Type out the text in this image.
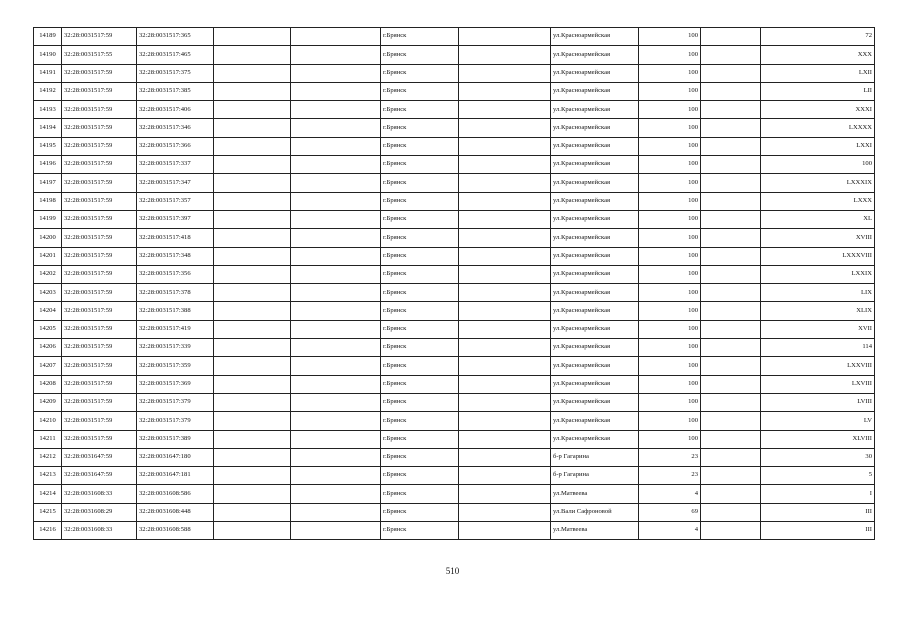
14189	32:28:0031517:59	32:28:0031517:365			г.Брянск		ул.Красноармейская	100		72
14190	32:28:0031517:55	32:28:0031517:465			г.Брянск		ул.Красноармейская	100		XXX
14191	32:28:0031517:59	32:28:0031517:375			г.Брянск		ул.Красноармейская	100		LXII
14192	32:28:0031517:59	32:28:0031517:385			г.Брянск		ул.Красноармейская	100		LII
14193	32:28:0031517:59	32:28:0031517:406			г.Брянск		ул.Красноармейская	100		XXXI
14194	32:28:0031517:59	32:28:0031517:346			г.Брянск		ул.Красноармейская	100		LXXXX
14195	32:28:0031517:59	32:28:0031517:366			г.Брянск		ул.Красноармейская	100		LXXI
14196	32:28:0031517:59	32:28:0031517:337			г.Брянск		ул.Красноармейская	100		100
14197	32:28:0031517:59	32:28:0031517:347			г.Брянск		ул.Красноармейская	100		LXXXIX
14198	32:28:0031517:59	32:28:0031517:357			г.Брянск		ул.Красноармейская	100		LXXX
14199	32:28:0031517:59	32:28:0031517:397			г.Брянск		ул.Красноармейская	100		XL
14200	32:28:0031517:59	32:28:0031517:418			г.Брянск		ул.Красноармейская	100		XVIII
14201	32:28:0031517:59	32:28:0031517:348			г.Брянск		ул.Красноармейская	100		LXXXVIII
14202	32:28:0031517:59	32:28:0031517:356			г.Брянск		ул.Красноармейская	100		LXXIX
14203	32:28:0031517:59	32:28:0031517:378			г.Брянск		ул.Красноармейская	100		LIX
14204	32:28:0031517:59	32:28:0031517:388			г.Брянск		ул.Красноармейская	100		XLIX
14205	32:28:0031517:59	32:28:0031517:419			г.Брянск		ул.Красноармейская	100		XVII
14206	32:28:0031517:59	32:28:0031517:339			г.Брянск		ул.Красноармейская	100		114
14207	32:28:0031517:59	32:28:0031517:359			г.Брянск		ул.Красноармейская	100		LXXVIII
14208	32:28:0031517:59	32:28:0031517:369			г.Брянск		ул.Красноармейская	100		LXVIII
14209	32:28:0031517:59	32:28:0031517:379			г.Брянск		ул.Красноармейская	100		LVIII
14210	32:28:0031517:59	32:28:0031517:379			г.Брянск		ул.Красноармейская	100		LV
14211	32:28:0031517:59	32:28:0031517:389			г.Брянск		ул.Красноармейская	100		XLVIII
14212	32:28:0031647:59	32:28:0031647:180			г.Брянск		б-р Гагарина	23		30
14213	32:28:0031647:59	32:28:0031647:181			г.Брянск		б-р Гагарина	23		5
14214	32:28:0031608:33	32:28:0031608:586			г.Брянск		ул.Матвеева	4		I
14215	32:28:0031608:29	32:28:0031608:448			г.Брянск		ул.Вали Сафроновой	69		III
14216	32:28:0031608:33	32:28:0031608:588			г.Брянск		ул.Матвеева	4		III
510
